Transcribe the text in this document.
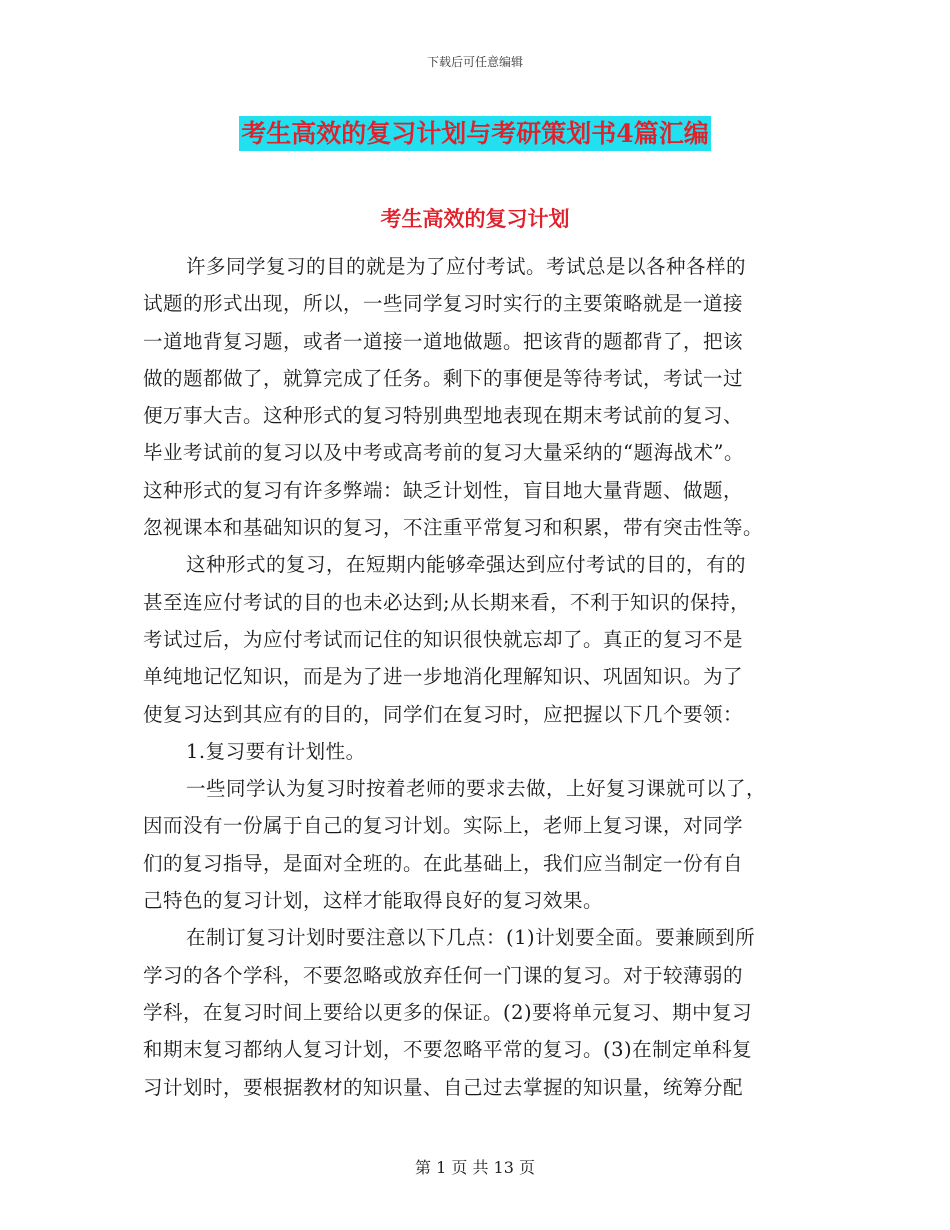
下载后可任意编辑
考生高效的复习计划与考研策划书4篇汇编
考生高效的复习计划
许多同学复习的目的就是为了应付考试。考试总是以各种各样的
试题的形式出现，所以，一些同学复习时实行的主要策略就是一道接
一道地背复习题，或者一道接一道地做题。把该背的题都背了，把该
做的题都做了，就算完成了任务。剩下的事便是等待考试，考试一过
便万事大吉。这种形式的复习特别典型地表现在期末考试前的复习、
毕业考试前的复习以及中考或高考前的复习大量采纳的“题海战术”。
这种形式的复习有许多弊端：缺乏计划性，盲目地大量背题、做题，
忽视课本和基础知识的复习，不注重平常复习和积累，带有突击性等。
这种形式的复习，在短期内能够牵强达到应付考试的目的，有的
甚至连应付考试的目的也未必达到;从长期来看，不利于知识的保持，
考试过后，为应付考试而记住的知识很快就忘却了。真正的复习不是
单纯地记忆知识，而是为了进一步地消化理解知识、巩固知识。为了
使复习达到其应有的目的，同学们在复习时，应把握以下几个要领：
1.复习要有计划性。
一些同学认为复习时按着老师的要求去做，上好复习课就可以了，
因而没有一份属于自己的复习计划。实际上，老师上复习课，对同学
们的复习指导，是面对全班的。在此基础上，我们应当制定一份有自
己特色的复习计划，这样才能取得良好的复习效果。
在制订复习计划时要注意以下几点：(1)计划要全面。要兼顾到所
学习的各个学科，不要忽略或放弃任何一门课的复习。对于较薄弱的
学科，在复习时间上要给以更多的保证。(2)要将单元复习、期中复习
和期末复习都纳人复习计划，不要忽略平常的复习。(3)在制定单科复
习计划时，要根据教材的知识量、自己过去掌握的知识量，统筹分配
第 1 页 共 13 页
